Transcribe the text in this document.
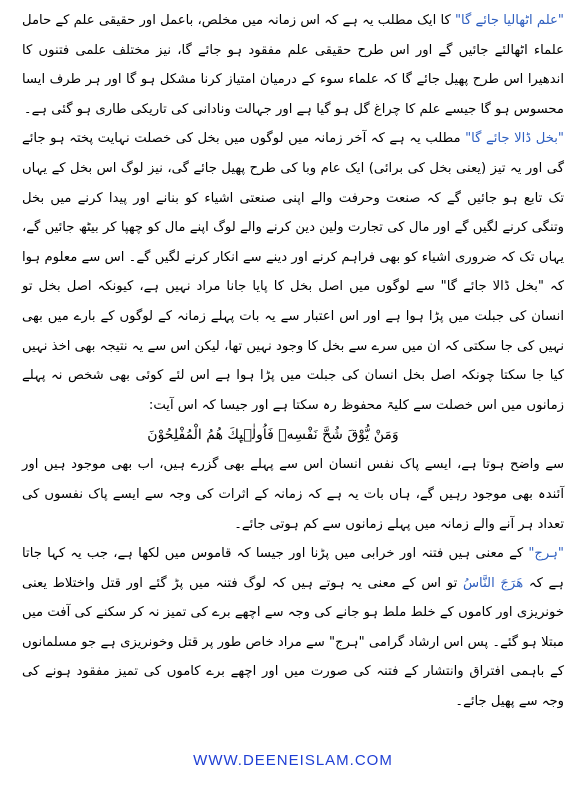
"علم اٹھالیا جائے گا" کا ایک مطلب یہ ہے کہ اس زمانہ میں مخلص، باعمل اور حقیقی علم کے حامل علماء اٹھالئے جائیں گے اور اس طرح حقیقی علم مفقود ہو جائے گا، نیز مختلف علمی فتنوں کا اندھیرا اس طرح پھیل جائے گا کہ علماء سوء کے درمیان امتیاز کرنا مشکل ہو گا اور ہر طرف ایسا محسوس ہو گا جیسے علم کا چراغ گل ہو گیا ہے اور جہالت ونادانی کی تاریکی طاری ہو گئی ہے۔

"بخل ڈالا جائے گا" مطلب یہ ہے کہ آخر زمانہ میں لوگوں میں بخل کی خصلت نہایت پختہ ہو جائے گی اور یہ تیز (یعنی بخل کی برائی) ایک عام وبا کی طرح پھیل جائے گی، نیز لوگ اس بخل کے یہاں تک تابع ہو جائیں گے کہ صنعت وحرفت والے اپنی صنعتی اشیاء کو بنانے اور پیدا کرنے میں بخل وتنگی کرنے لگیں گے اور مال کی تجارت ولین دین کرنے والے لوگ اپنے مال کو چھپا کر بیٹھ جائیں گے، یہاں تک کہ ضروری اشیاء کو بھی فراہم کرنے اور دینے سے انکار کرنے لگیں گے۔ اس سے معلوم ہوا کہ "بخل ڈالا جائے گا" سے لوگوں میں اصل بخل کا پایا جانا مراد نہیں ہے، کیونکہ اصل بخل تو انسان کی جبلت میں پڑا ہوا ہے اور اس اعتبار سے یہ بات پہلے زمانہ کے لوگوں کے بارے میں بھی نہیں کی جا سکتی کہ ان میں سرے سے بخل کا وجود نہیں تھا، لیکن اس سے یہ نتیجہ بھی اخذ نہیں کیا جا سکتا چونکہ اصل بخل انسان کی جبلت میں پڑا ہوا ہے اس لئے کوئی بھی شخص نہ پہلے زمانوں میں اس خصلت سے کلیۃ محفوظ رہ سکتا ہے اور جیسا کہ اس آیت:

وَمَنْ يُّوْقَ شُحَّ نَفْسِهٖ فَاُولٰۗىِٕكَ هُمُ الْمُفْلِحُوْنَ

سے واضح ہوتا ہے، ایسے پاک نفس انسان اس سے پہلے بھی گزرے ہیں، اب بھی موجود ہیں اور آئندہ بھی موجود رہیں گے، ہاں بات یہ ہے کہ زمانہ کے اثرات کی وجہ سے ایسے پاک نفسوں کی تعداد ہر آنے والے زمانہ میں پہلے زمانوں سے کم ہوتی جائے۔

"ہرج" کے معنی ہیں فتنہ اور خرابی میں پڑنا اور جیسا کہ قاموس میں لکھا ہے، جب یہ کہا جاتا ہے کہ هَرَجَ النَّاسُ تو اس کے معنی یہ ہوتے ہیں کہ لوگ فتنہ میں پڑ گئے اور قتل واختلاط یعنی خونریزی اور کاموں کے خلط ملط ہو جانے کی وجہ سے اچھے برے کی تمیز نہ کر سکنے کی آفت میں مبتلا ہو گئے۔ پس اس ارشاد گرامی "ہرج" سے مراد خاص طور پر قتل وخونریزی ہے جو مسلمانوں کے باہمی افتراق وانتشار کے فتنہ کی صورت میں اور اچھے برے کاموں کی تمیز مفقود ہونے کی وجہ سے پھیل جائے۔

WWW.DEENEISLAM.COM
